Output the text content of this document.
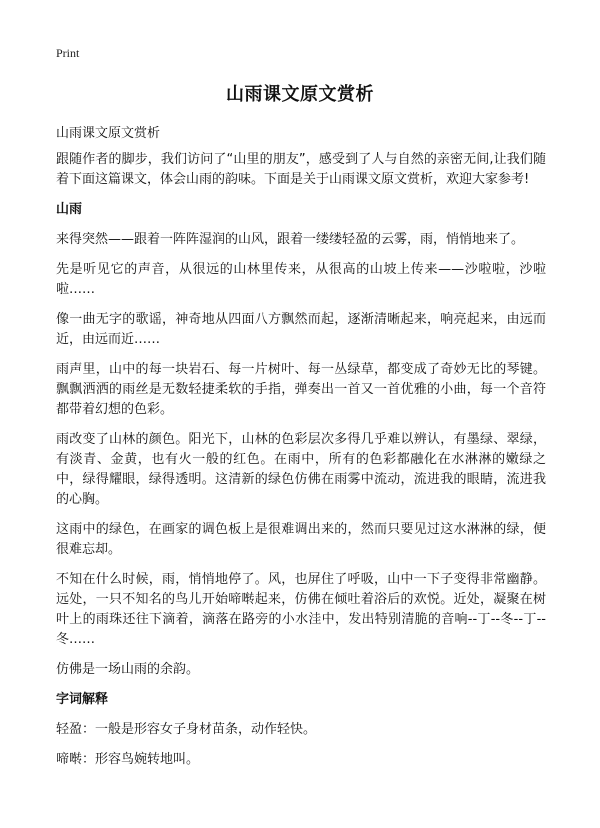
Print
山雨课文原文赏析
山雨课文原文赏析

跟随作者的脚步，我们访问了“山里的朋友”，感受到了人与自然的亲密无间,让我们随着下面这篇课文，体会山雨的韵味。下面是关于山雨课文原文赏析，欢迎大家参考!

山雨

来得突然——跟着一阵阵湿润的山风，跟着一缕缕轻盈的云雾，雨，悄悄地来了。

先是听见它的声音，从很远的山林里传来，从很高的山坡上传来——沙啦啦，沙啦啦……

像一曲无字的歌谣，神奇地从四面八方飘然而起，逐渐清晰起来，响亮起来，由远而近，由远而近……

雨声里，山中的每一块岩石、每一片树叶、每一丛绿草，都变成了奇妙无比的琴键。飘飘洒洒的雨丝是无数轻捷柔软的手指，弹奏出一首又一首优雅的小曲，每一个音符都带着幻想的色彩。

雨改变了山林的颜色。阳光下，山林的色彩层次多得几乎难以辨认，有墨绿、翠绿，有淡青、金黄，也有火一般的红色。在雨中，所有的色彩都融化在水淋淋的嫩绿之中，绿得耀眼，绿得透明。这清新的绿色仿佛在雨雾中流动，流进我的眼睛，流进我的心胸。

这雨中的绿色，在画家的调色板上是很难调出来的，然而只要见过这水淋淋的绿，便很难忘却。

不知在什么时候，雨，悄悄地停了。风，也屏住了呼吸，山中一下子变得非常幽静。远处，一只不知名的鸟儿开始啼啭起来，仿佛在倾吐着浴后的欢悦。近处，凝聚在树叶上的雨珠还往下滴着，滴落在路旁的小水洼中，发出特别清脆的音响--丁--冬--丁--冬……

仿佛是一场山雨的余韵。

字词解释

轻盈：一般是形容女子身材苗条，动作轻快。

啼啭：形容鸟婉转地叫。
